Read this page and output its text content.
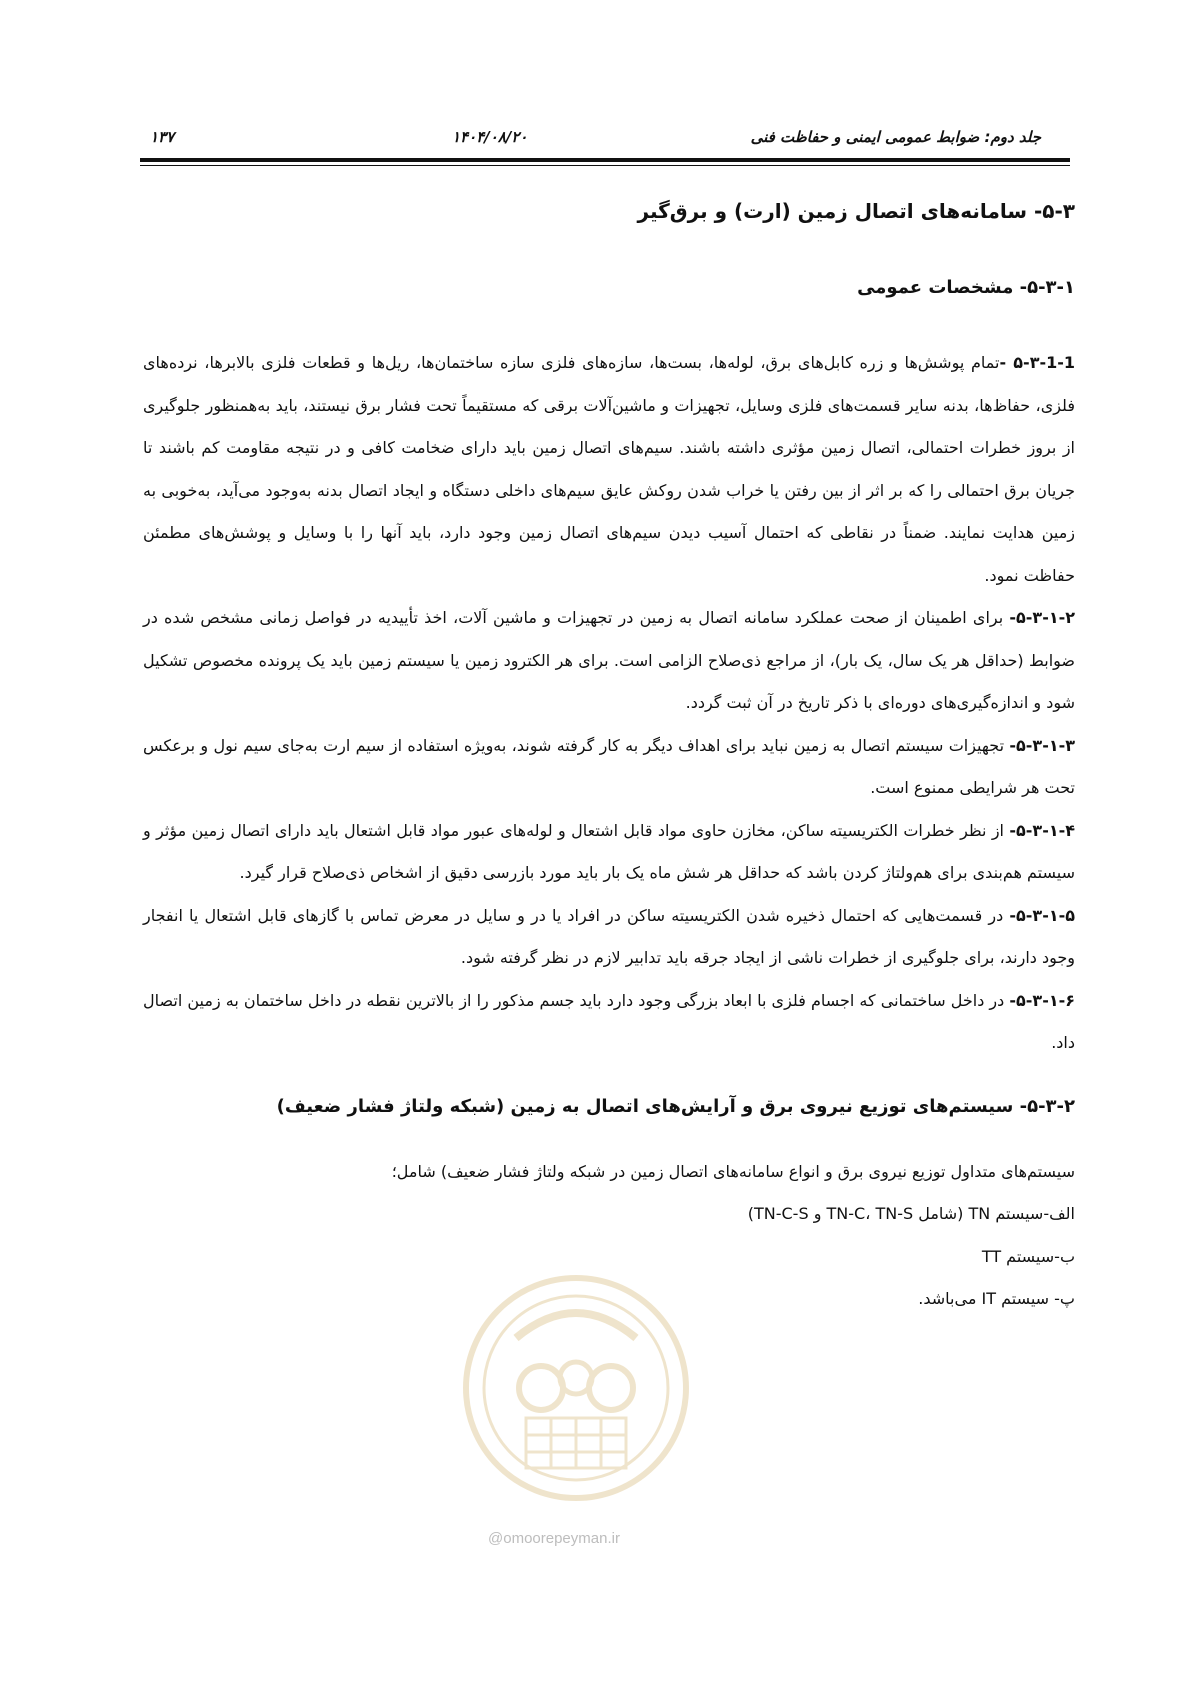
۱۳۷	۱۴۰۴/۰۸/۲۰	جلد دوم: ضوابط عمومی ایمنی و حفاظت فنی
۵-۳- سامانه‌های اتصال زمین (ارت) و برق‌گیر
۵-۳-۱- مشخصات عمومی

۵-۳-1-1 -تمام پوشش‌ها و زره کابل‌های برق، لوله‌ها، بست‌ها، سازه‌های فلزی سازه ساختمان‌ها، ریل‌ها و قطعات فلزی بالابرها، نرده‌های فلزی، حفاظ‌ها، بدنه سایر قسمت‌های فلزی وسایل، تجهیزات و ماشین‌آلات برقی که مستقیماً تحت فشار برق نیستند، باید به‌همنظور جلوگیری از بروز خطرات احتمالی، اتصال زمین مؤثری داشته باشند. سیم‌های اتصال زمین باید دارای ضخامت کافی و در نتیجه مقاومت کم باشند تا جریان برق احتمالی را که بر اثر از بین رفتن یا خراب شدن روکش عایق سیم‌های داخلی دستگاه و ایجاد اتصال بدنه به‌وجود می‌آید، به‌خوبی به زمین هدایت نمایند. ضمناً در نقاطی که احتمال آسیب دیدن سیم‌های اتصال زمین وجود دارد، باید آنها را با وسایل و پوشش‌های مطمئن حفاظت نمود.

۵-۳-۱-۲- برای اطمینان از صحت عملکرد سامانه اتصال به زمین در تجهیزات و ماشین آلات، اخذ تأییدیه در فواصل زمانی مشخص شده در ضوابط (حداقل هر یک سال، یک بار)، از مراجع ذی‌صلاح الزامی است. برای هر الکترود زمین یا سیستم زمین باید یک پرونده مخصوص تشکیل شود و اندازه‌گیری‌های دوره‌ای با ذکر تاریخ در آن ثبت گردد.

۵-۳-۱-۳- تجهیزات سیستم اتصال به زمین نباید برای اهداف دیگر به کار گرفته شوند، به‌ویژه استفاده از سیم ارت به‌جای سیم نول و برعکس تحت هر شرایطی ممنوع است.

۵-۳-۱-۴- از نظر خطرات الکتریسیته ساکن، مخازن حاوی مواد قابل اشتعال و لوله‌های عبور مواد قابل اشتعال باید دارای اتصال زمین مؤثر و سیستم هم‌بندی برای هم‌ولتاژ کردن باشد که حداقل هر شش ماه یک بار باید مورد بازرسی دقیق از اشخاص ذی‌صلاح قرار گیرد.

۵-۳-۱-۵- در قسمت‌هایی که احتمال ذخیره شدن الکتریسیته ساکن در افراد یا در و سایل در معرض تماس با گازهای قابل اشتعال یا انفجار وجود دارند، برای جلوگیری از خطرات ناشی از ایجاد جرقه باید تدابیر لازم در نظر گرفته شود.

۵-۳-۱-۶- در داخل ساختمانی که اجسام فلزی با ابعاد بزرگی وجود دارد باید جسم مذکور را از بالاترین نقطه در داخل ساختمان به زمین اتصال داد.

۵-۳-۲- سیستم‌های توزیع نیروی برق و آرایش‌های اتصال به زمین (شبکه ولتاژ فشار ضعیف)

سیستم‌های متداول توزیع نیروی برق و انواع سامانه‌های اتصال زمین در شبکه ولتاژ فشار ضعیف) شامل؛

الف-سیستم TN (شامل TN-C، TN-S و TN-C-S)

ب-سیستم TT

پ- سیستم IT می‌باشد.

@omoorepeyman.ir
